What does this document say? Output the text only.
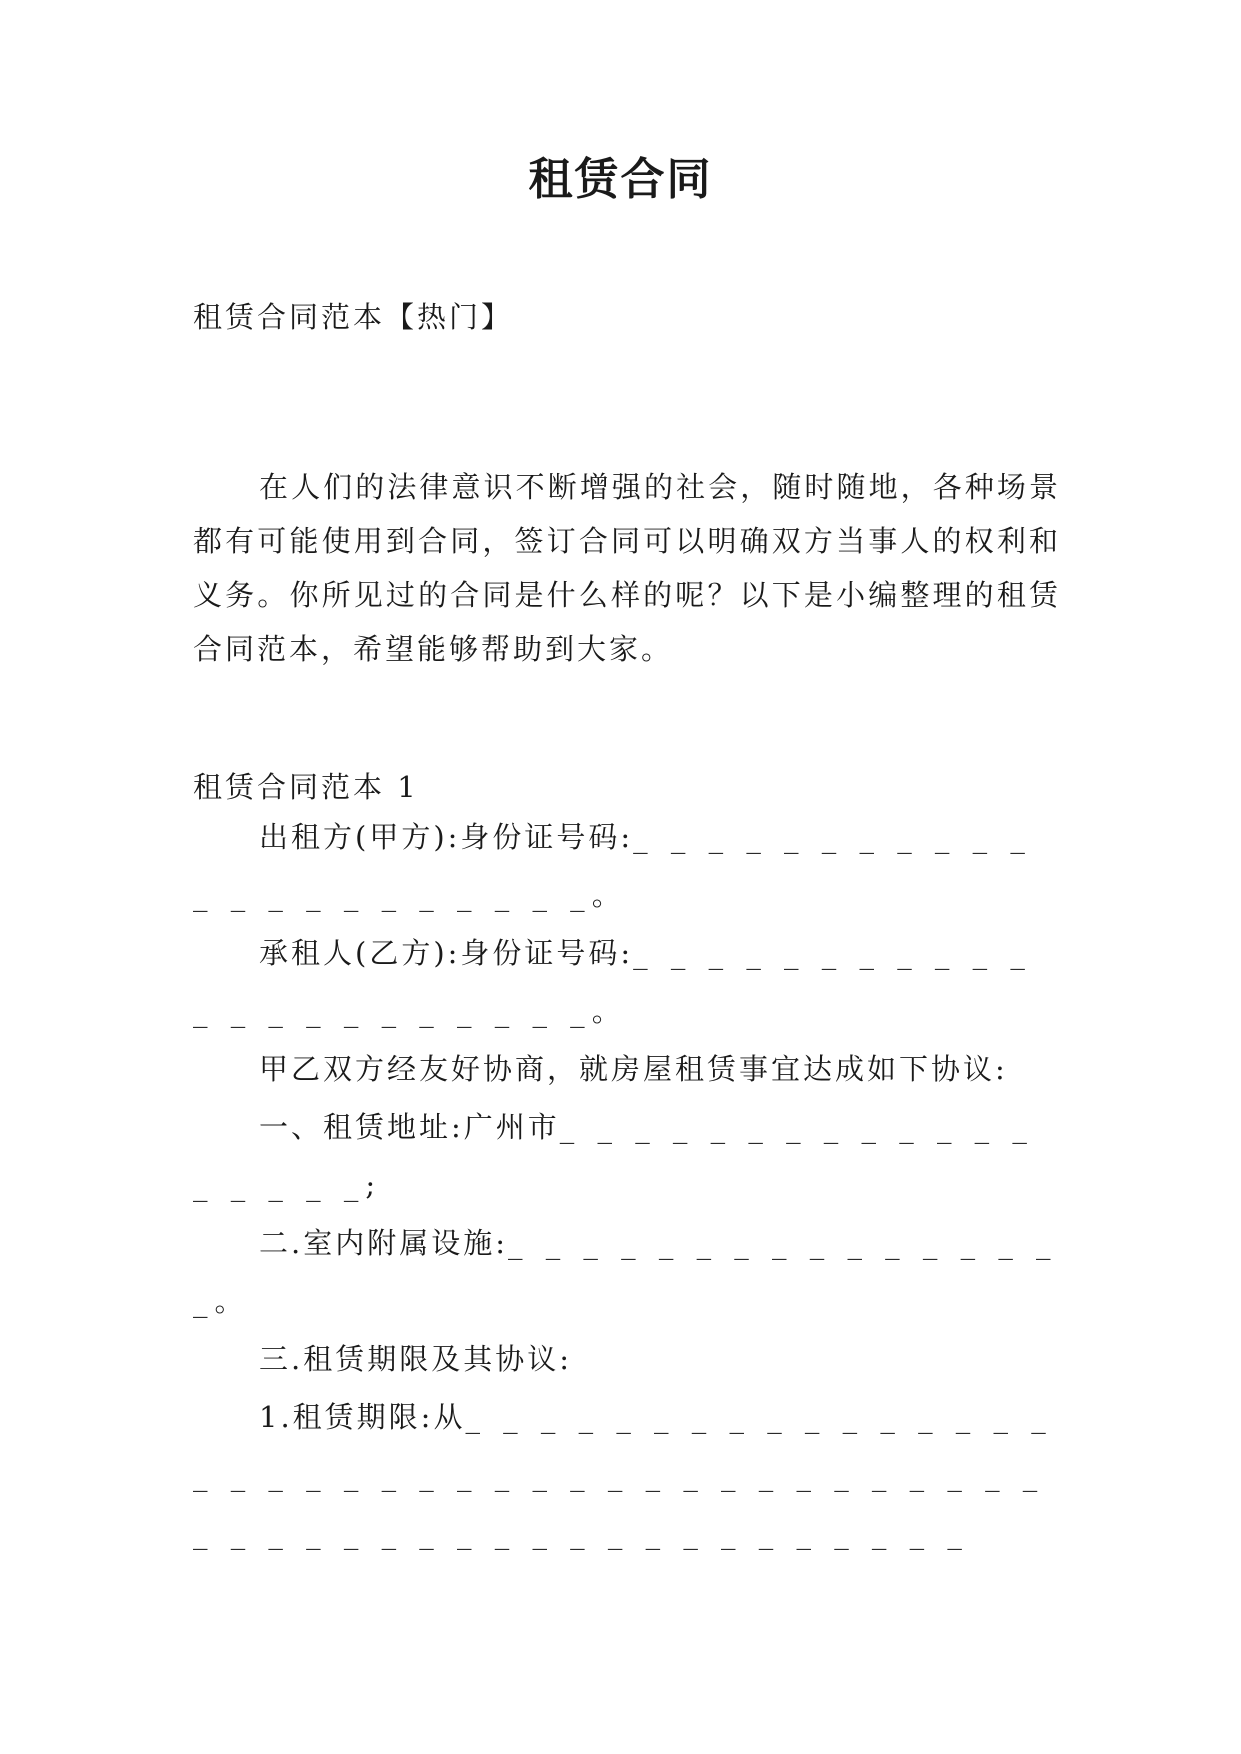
租赁合同
租赁合同范本【热门】
在人们的法律意识不断增强的社会，随时随地，各种场景都有可能使用到合同，签订合同可以明确双方当事人的权利和义务。你所见过的合同是什么样的呢？以下是小编整理的租赁合同范本，希望能够帮助到大家。
租赁合同范本 1

出租方(甲方):身份证号码:_ _ _ _ _ _ _ _ _ _ _ _ _ _ _ _ _ _ _ _ _ _。

承租人(乙方):身份证号码:_ _ _ _ _ _ _ _ _ _ _ _ _ _ _ _ _ _ _ _ _ _。

甲乙双方经友好协商，就房屋租赁事宜达成如下协议:

一、租赁地址:广州市_ _ _ _ _ _ _ _ _ _ _ _ _ _ _ _ _ _;

二.室内附属设施:_ _ _ _ _ _ _ _ _ _ _ _ _ _ _ _。

三.租赁期限及其协议:

1.租赁期限:从_ _ _ _ _ _ _ _ _ _ _ _ _ _ _ _ _ _ _ _ _ _ _ _ _ _ _ _ _ _ _ _ _ _ _ _ _ _ _ _ _ _ _ _ _ _ _ _ _ _ _ _ _ _ _ _ _ _ _ _
